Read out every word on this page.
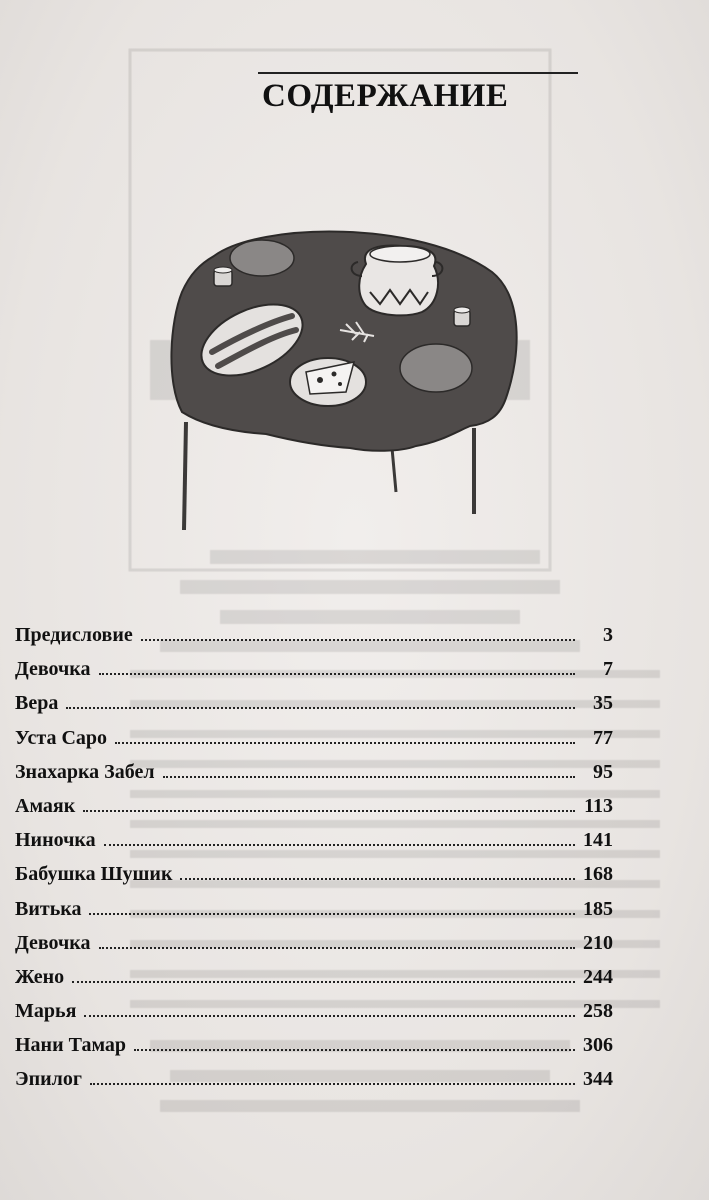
СОДЕРЖАНИЕ
Предисловие	3
Девочка	7
Вера	35
Уста Саро	77
Знахарка Забел	95
Амаяк	113
Ниночка	141
Бабушка Шушик	168
Витька	185
Девочка	210
Жено	244
Марья	258
Нани Тамар	306
Эпилог	344
